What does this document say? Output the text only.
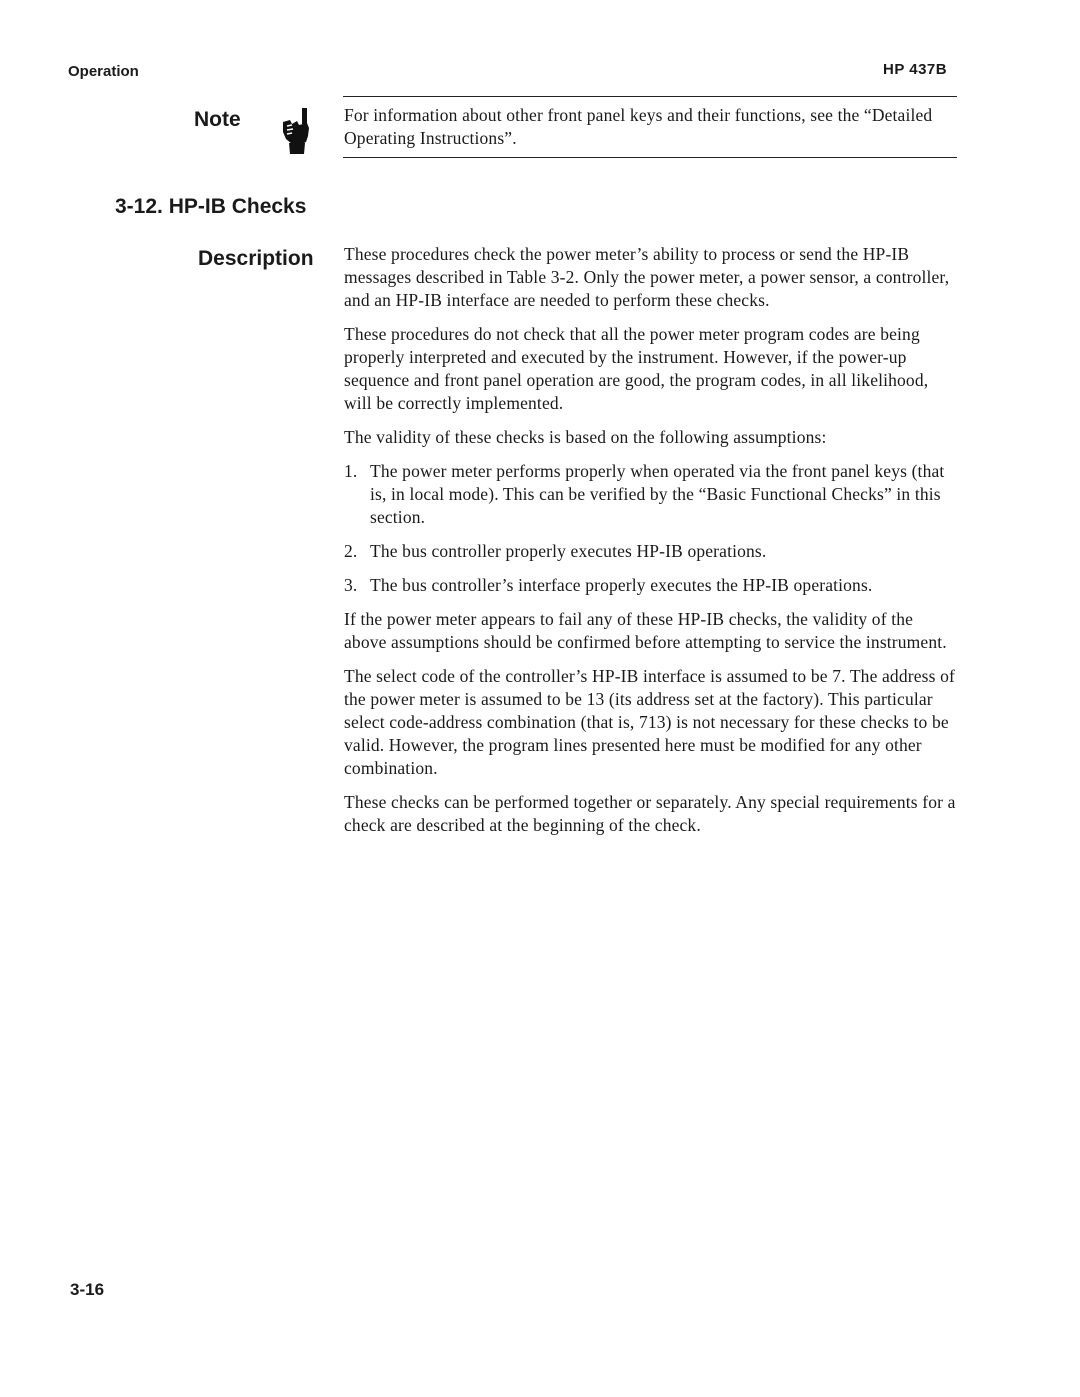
Operation	HP 437B
Note	For information about other front panel keys and their functions, see the “Detailed Operating Instructions”.
3-12. HP-IB Checks
Description These procedures check the power meter’s ability to process or send the HP-IB messages described in Table 3-2. Only the power meter, a power sensor, a controller, and an HP-IB interface are needed to perform these checks.

These procedures do not check that all the power meter program codes are being properly interpreted and executed by the instrument. However, if the power-up sequence and front panel operation are good, the program codes, in all likelihood, will be correctly implemented.

The validity of these checks is based on the following assumptions:

1. The power meter performs properly when operated via the front panel keys (that is, in local mode). This can be verified by the “Basic Functional Checks” in this section.
2. The bus controller properly executes HP-IB operations.
3. The bus controller’s interface properly executes the HP-IB operations.

If the power meter appears to fail any of these HP-IB checks, the validity of the above assumptions should be confirmed before attempting to service the instrument.

The select code of the controller’s HP-IB interface is assumed to be 7. The address of the power meter is assumed to be 13 (its address set at the factory). This particular select code-address combination (that is, 713) is not necessary for these checks to be valid. However, the program lines presented here must be modified for any other combination.

These checks can be performed together or separately. Any special requirements for a check are described at the beginning of the check.

3-16
